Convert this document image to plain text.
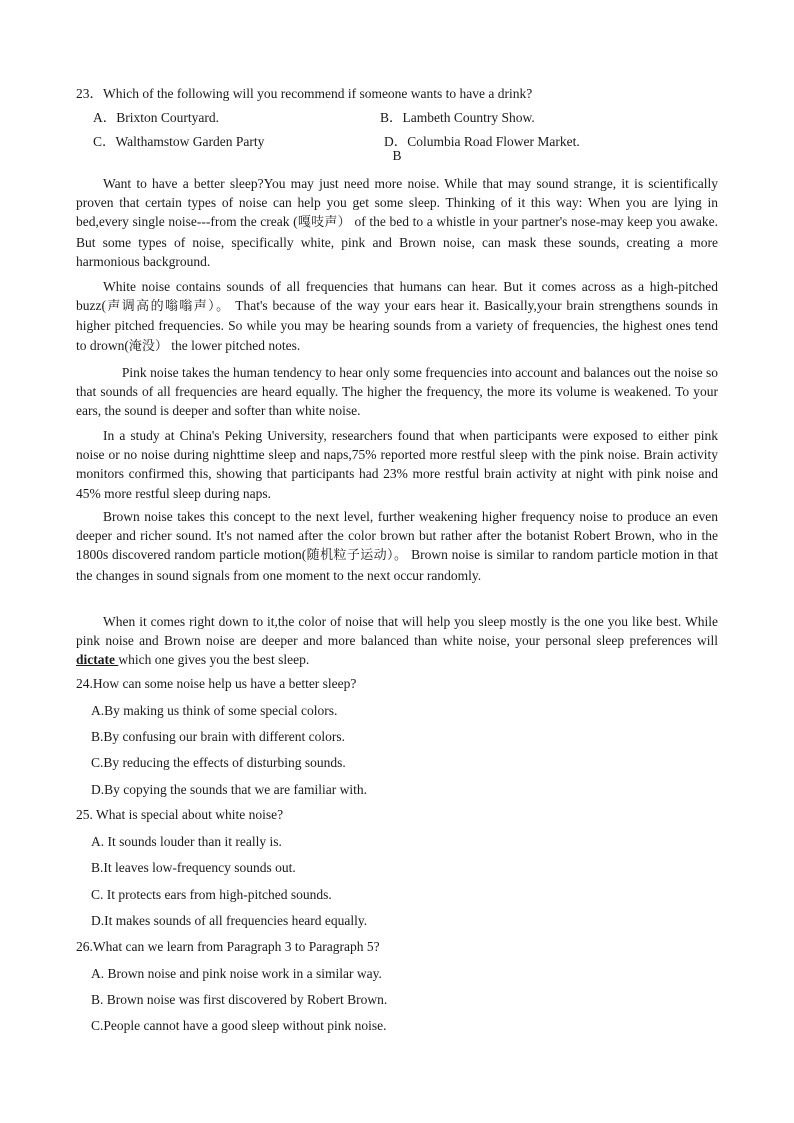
23．Which of the following will you recommend if someone wants to have a drink?
A．Brixton Courtyard.	B．Lambeth Country Show.
C．Walthamstow Garden Party	D．Columbia Road Flower Market.
B
Want to have a better sleep?You may just need more noise. While that may sound strange, it is scientifically proven that certain types of noise can help you get some sleep. Thinking of it this way: When you are lying in bed,every single noise---from the creak (嘎吱声） of the bed to a whistle in your partner's nose-may keep you awake. But some types of noise, specifically white, pink and Brown noise, can mask these sounds, creating a more harmonious background.
White noise contains sounds of all frequencies that humans can hear. But it comes across as a high-pitched buzz(声调高的嗡嗡声）。 That's because of the way your ears hear it. Basically,your brain strengthens sounds in higher pitched frequencies. So while you may be hearing sounds from a variety of frequencies, the highest ones tend to drown(淹没） the lower pitched notes.
Pink noise takes the human tendency to hear only some frequencies into account and balances out the noise so that sounds of all frequencies are heard equally. The higher the frequency, the more its volume is weakened. To your ears, the sound is deeper and softer than white noise.
In a study at China's Peking University, researchers found that when participants were exposed to either pink noise or no noise during nighttime sleep and naps,75% reported more restful sleep with the pink noise. Brain activity monitors confirmed this, showing that participants had 23% more restful brain activity at night with pink noise and 45% more restful sleep during naps.
Brown noise takes this concept to the next level, further weakening higher frequency noise to produce an even deeper and richer sound. It's not named after the color brown but rather after the botanist Robert Brown, who in the 1800s discovered random particle motion(随机粒子运动）。 Brown noise is similar to random particle motion in that the changes in sound signals from one moment to the next occur randomly.
When it comes right down to it,the color of noise that will help you sleep mostly is the one you like best. While pink noise and Brown noise are deeper and more balanced than white noise, your personal sleep preferences will dictate which one gives you the best sleep.
24.How can some noise help us have a better sleep?
A.By making us think of some special colors.
B.By confusing our brain with different colors.
C.By reducing the effects of disturbing sounds.
D.By copying the sounds that we are familiar with.
25. What is special about white noise?
A. It sounds louder than it really is.
B.It leaves low-frequency sounds out.
C. It protects ears from high-pitched sounds.
D.It makes sounds of all frequencies heard equally.
26.What can we learn from Paragraph 3 to Paragraph 5?
A. Brown noise and pink noise work in a similar way.
B. Brown noise was first discovered by Robert Brown.
C.People cannot have a good sleep without pink noise.
